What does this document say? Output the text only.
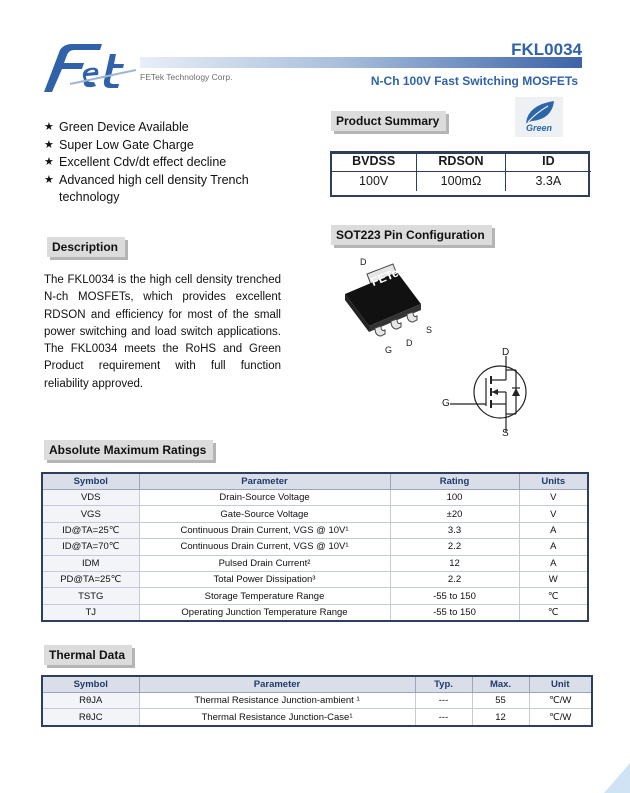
FETek Technology Corp.
FKL0034
N-Ch 100V Fast Switching MOSFETs
★ Green Device Available
★ Super Low Gate Charge
★ Excellent Cdv/dt effect decline
★ Advanced high cell density Trench technology
Product Summary	Green
BVDSS	RDSON	ID
100V	100mΩ	3.3A
Description
The FKL0034 is the high cell density trenched N-ch MOSFETs, which provides excellent RDSON and efficiency for most of the small power switching and load switch applications. The FKL0034 meets the RoHS and Green Product requirement with full function reliability approved.
SOT223 Pin Configuration
FETek
D
G
D
S
D
G
S
Absolute Maximum Ratings
Symbol	Parameter	Rating	Units
VDS	Drain-Source Voltage	100	V
VGS	Gate-Source Voltage	±20	V
ID@TA=25℃	Continuous Drain Current, VGS @ 10V¹	3.3	A
ID@TA=70℃	Continuous Drain Current, VGS @ 10V¹	2.2	A
IDM	Pulsed Drain Current²	12	A
PD@TA=25℃	Total Power Dissipation³	2.2	W
TSTG	Storage Temperature Range	-55 to 150	℃
TJ	Operating Junction Temperature Range	-55 to 150	℃
Thermal Data
Symbol	Parameter	Typ.	Max.	Unit
RθJA	Thermal Resistance Junction-ambient ¹	---	55	℃/W
RθJC	Thermal Resistance Junction-Case¹	---	12	℃/W
